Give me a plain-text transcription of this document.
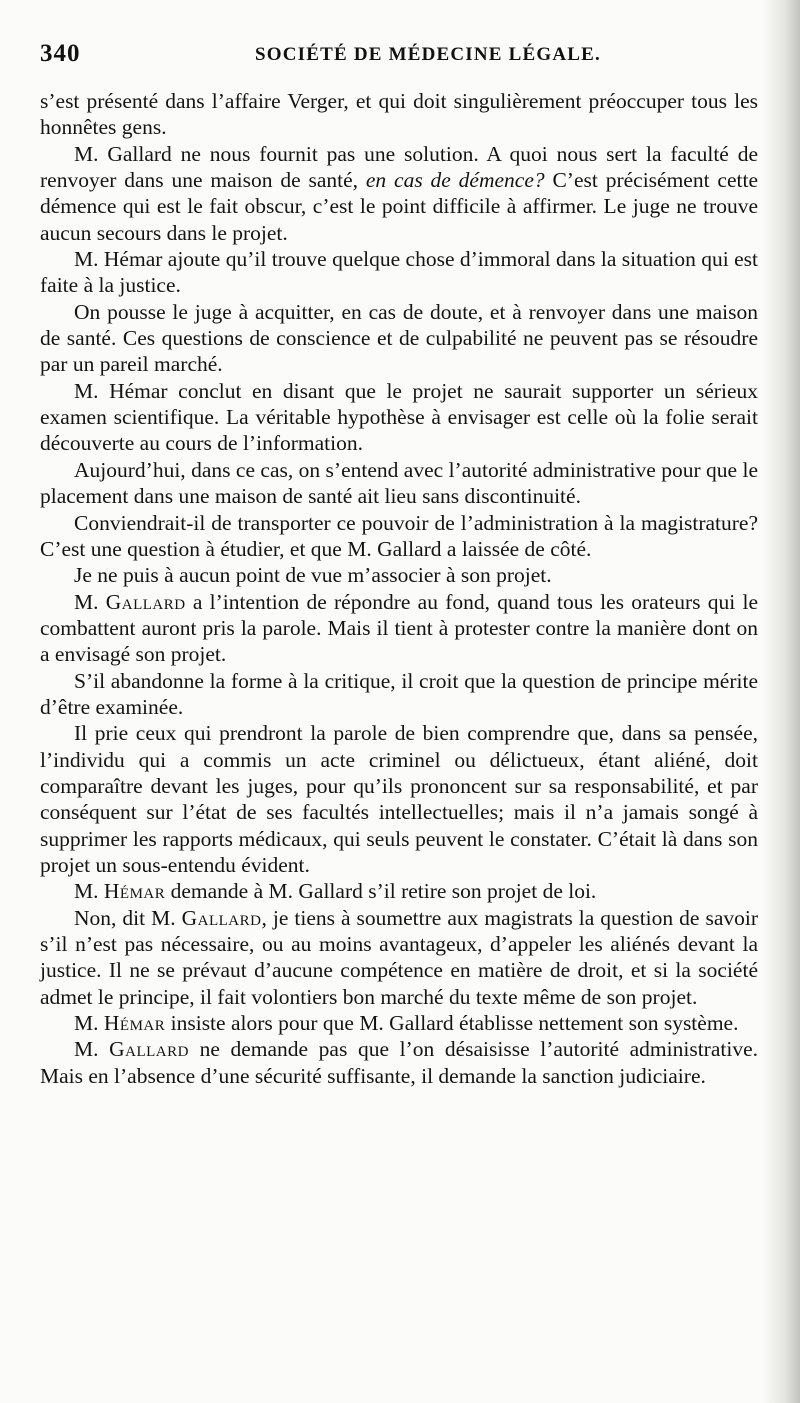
340	SOCIÉTÉ DE MÉDECINE LÉGALE.

s’est présenté dans l’affaire Verger, et qui doit singulièrement préoccuper tous les honnêtes gens.

M. Gallard ne nous fournit pas une solution. A quoi nous sert la faculté de renvoyer dans une maison de santé, en cas de démence? C’est précisément cette démence qui est le fait obscur, c’est le point difficile à affirmer. Le juge ne trouve aucun secours dans le projet.

M. Hémar ajoute qu’il trouve quelque chose d’immoral dans la situation qui est faite à la justice.

On pousse le juge à acquitter, en cas de doute, et à renvoyer dans une maison de santé. Ces questions de conscience et de culpabilité ne peuvent pas se résoudre par un pareil marché.

M. Hémar conclut en disant que le projet ne saurait supporter un sérieux examen scientifique. La véritable hypothèse à envisager est celle où la folie serait découverte au cours de l’information.

Aujourd’hui, dans ce cas, on s’entend avec l’autorité administrative pour que le placement dans une maison de santé ait lieu sans discontinuité.

Conviendrait-il de transporter ce pouvoir de l’administration à la magistrature? C’est une question à étudier, et que M. Gallard a laissée de côté.

Je ne puis à aucun point de vue m’associer à son projet.

M. Gallard a l’intention de répondre au fond, quand tous les orateurs qui le combattent auront pris la parole. Mais il tient à protester contre la manière dont on a envisagé son projet.

S’il abandonne la forme à la critique, il croit que la question de principe mérite d’être examinée.

Il prie ceux qui prendront la parole de bien comprendre que, dans sa pensée, l’individu qui a commis un acte criminel ou délictueux, étant aliéné, doit comparaître devant les juges, pour qu’ils prononcent sur sa responsabilité, et par conséquent sur l’état de ses facultés intellectuelles; mais il n’a jamais songé à supprimer les rapports médicaux, qui seuls peuvent le constater. C’était là dans son projet un sous-entendu évident.

M. Hémar demande à M. Gallard s’il retire son projet de loi.

Non, dit M. Gallard, je tiens à soumettre aux magistrats la question de savoir s’il n’est pas nécessaire, ou au moins avantageux, d’appeler les aliénés devant la justice. Il ne se prévaut d’aucune compétence en matière de droit, et si la société admet le principe, il fait volontiers bon marché du texte même de son projet.

M. Hémar insiste alors pour que M. Gallard établisse nettement son système.

M. Gallard ne demande pas que l’on désaisisse l’autorité administrative. Mais en l’absence d’une sécurité suffisante, il demande la sanction judiciaire.
